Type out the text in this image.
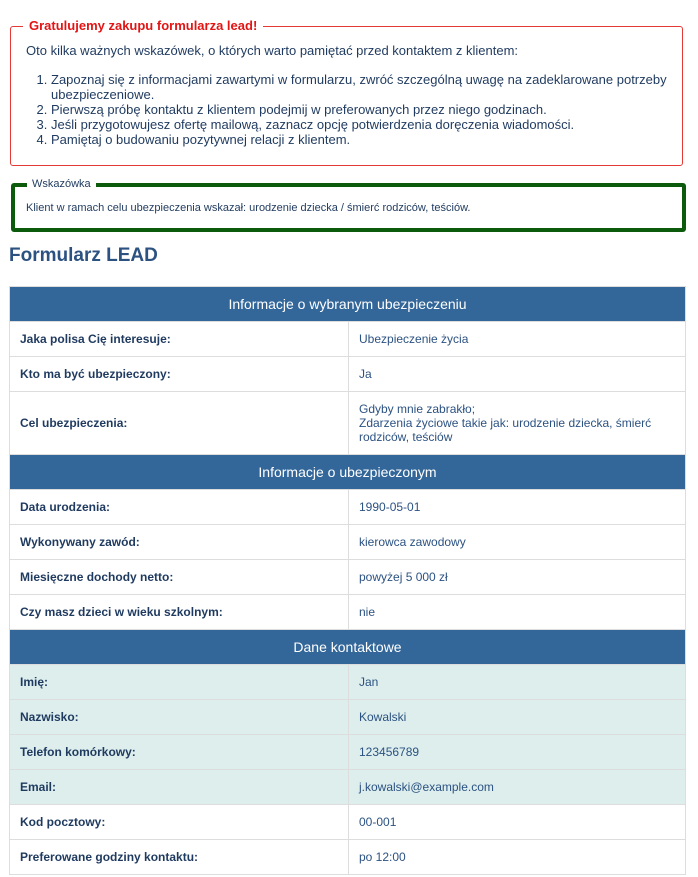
Gratulujemy zakupu formularza lead!

Oto kilka ważnych wskazówek, o których warto pamiętać przed kontaktem z klientem:

1. Zapoznaj się z informacjami zawartymi w formularzu, zwróć szczególną uwagę na zadeklarowane potrzeby ubezpieczeniowe.
2. Pierwszą próbę kontaktu z klientem podejmij w preferowanych przez niego godzinach.
3. Jeśli przygotowujesz ofertę mailową, zaznacz opcję potwierdzenia doręczenia wiadomości.
4. Pamiętaj o budowaniu pozytywnej relacji z klientem.
Wskazówka

Klient w ramach celu ubezpieczenia wskazał: urodzenie dziecka / śmierć rodziców, teściów.

Formularz LEAD
Informacje o wybranym ubezpieczeniu	
Jaka polisa Cię interesuje:	Ubezpieczenie życia
Kto ma być ubezpieczony:	Ja
Cel ubezpieczenia:	Gdyby mnie zabrakło;
Zdarzenia życiowe takie jak: urodzenie dziecka, śmierć rodziców, teściów

Informacje o ubezpieczonym	
Data urodzenia:	1990-05-01
Wykonywany zawód:	kierowca zawodowy
Miesięczne dochody netto:	powyżej 5 000 zł
Czy masz dzieci w wieku szkolnym:	nie
Dane kontaktowe	
Imię:	Jan
Nazwisko:	Kowalski
Telefon komórkowy:	123456789
Email:	j.kowalski@example.com
Kod pocztowy:	00-001
Preferowane godziny kontaktu:	po 12:00
